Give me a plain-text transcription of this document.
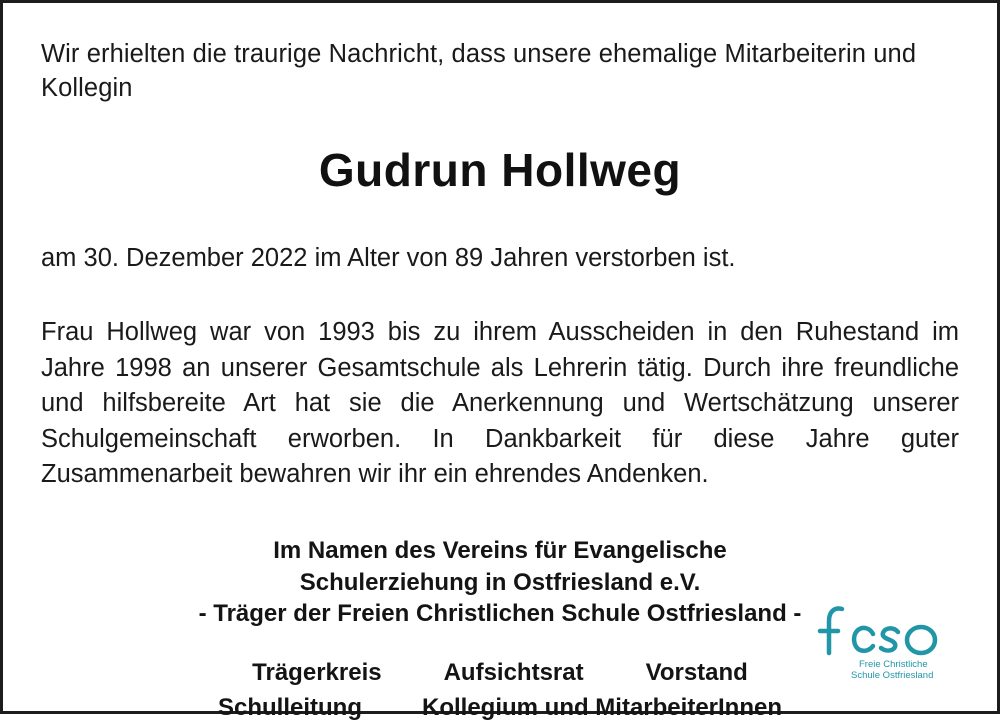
Wir erhielten die traurige Nachricht, dass unsere ehemalige Mitarbeiterin und Kollegin

Gudrun Hollweg

am 30. Dezember 2022 im Alter von 89 Jahren verstorben ist.

Frau Hollweg war von 1993 bis zu ihrem Ausscheiden in den Ruhestand im Jahre 1998 an unserer Gesamtschule als Lehrerin tätig. Durch ihre freundliche und hilfsbereite Art hat sie die Anerkennung und Wertschätzung unserer Schulgemeinschaft erworben. In Dankbarkeit für diese Jahre guter Zusammenarbeit bewahren wir ihr ein ehrendes Andenken.

Im Namen des Vereins für Evangelische
Schulerziehung in Ostfriesland e.V.
- Träger der Freien Christlichen Schule Ostfriesland -
Trägerkreis	Aufsichtsrat	Vorstand
Schulleitung	Kollegium und MitarbeiterInnen
Freie Christliche
Schule Ostfriesland
